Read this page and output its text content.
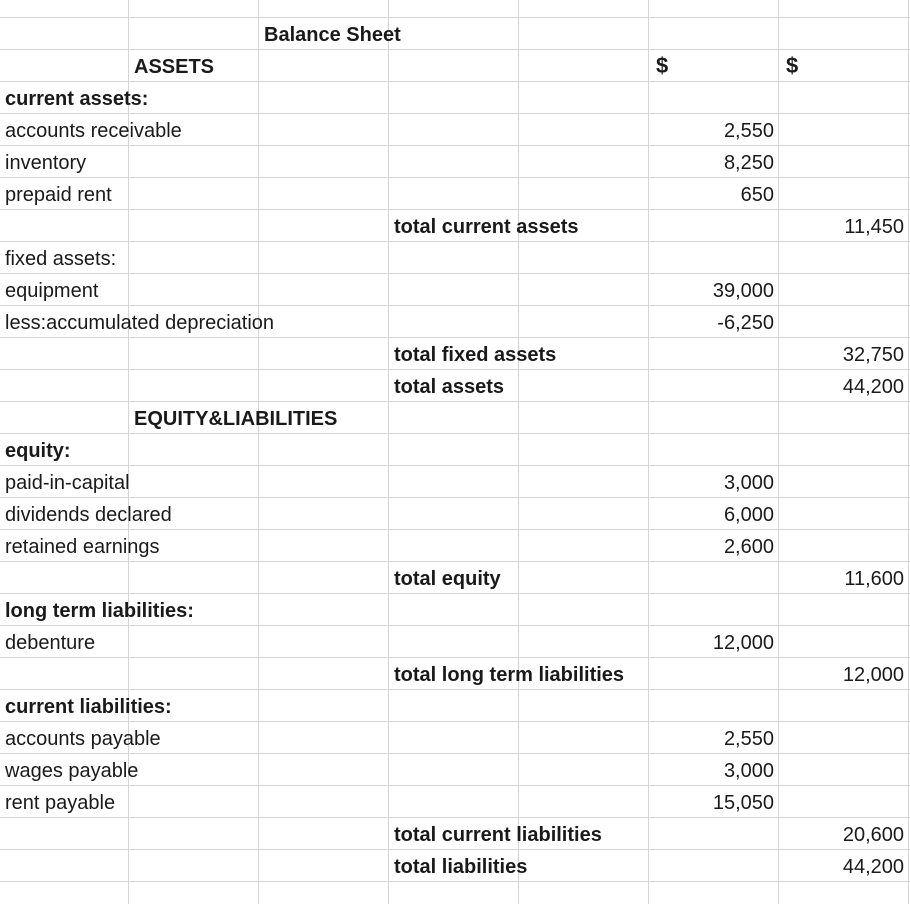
Balance Sheet
ASSETS	$	$
current assets:
accounts receivable	2,550
inventory	8,250
prepaid rent	650
total current assets	11,450
fixed assets:
equipment	39,000
less:accumulated depreciation	-6,250
total fixed assets	32,750
total assets	44,200
EQUITY&LIABILITIES
equity:
paid-in-capital	3,000
dividends declared	6,000
retained earnings	2,600
total equity	11,600
long term liabilities:
debenture	12,000
total long term liabilities	12,000
current liabilities:
accounts payable	2,550
wages payable	3,000
rent payable	15,050
total current liabilities	20,600
total liabilities	44,200
